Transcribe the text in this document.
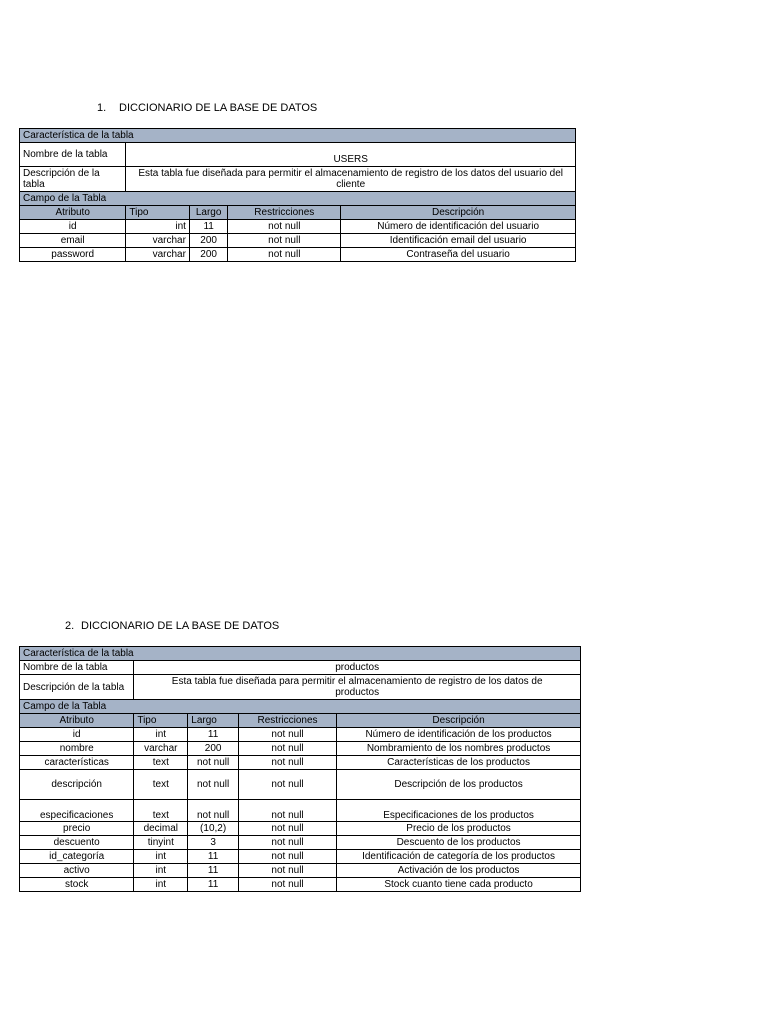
1. DICCIONARIO DE LA BASE DE DATOS
Característica de la tabla				
Nombre de la tabla	USERS			
Descripción de la tabla	Esta tabla fue diseñada para permitir el almacenamiento de registro de los datos del usuario del cliente			
Campo de la Tabla				
Atributo	Tipo	Largo	Restricciones	Descripción
id	int	11	not null	Número de identificación del usuario
email	varchar	200	not null	Identificación email del usuario
password	varchar	200	not null	Contraseña del usuario
2. DICCIONARIO DE LA BASE DE DATOS
Característica de la tabla				
Nombre de la tabla	productos			
Descripción de la tabla	Esta tabla fue diseñada para permitir el almacenamiento de registro de los datos de productos			
Campo de la Tabla				
Atributo	Tipo	Largo	Restricciones	Descripción
id	int	11	not null	Número de identificación de los productos
nombre	varchar	200	not null	Nombramiento de los nombres productos
características	text	not null	not null	Características de los productos
descripción	text	not null	not null	Descripción de los productos
especificaciones	text	not null	not null	Especificaciones de los productos
precio	decimal	(10,2)	not null	Precio de los productos
descuento	tinyint	3	not null	Descuento de los productos
id_categoría	int	11	not null	Identificación de categoría de los productos
activo	int	11	not null	Activación de los productos
stock	int	11	not null	Stock cuanto tiene cada producto
